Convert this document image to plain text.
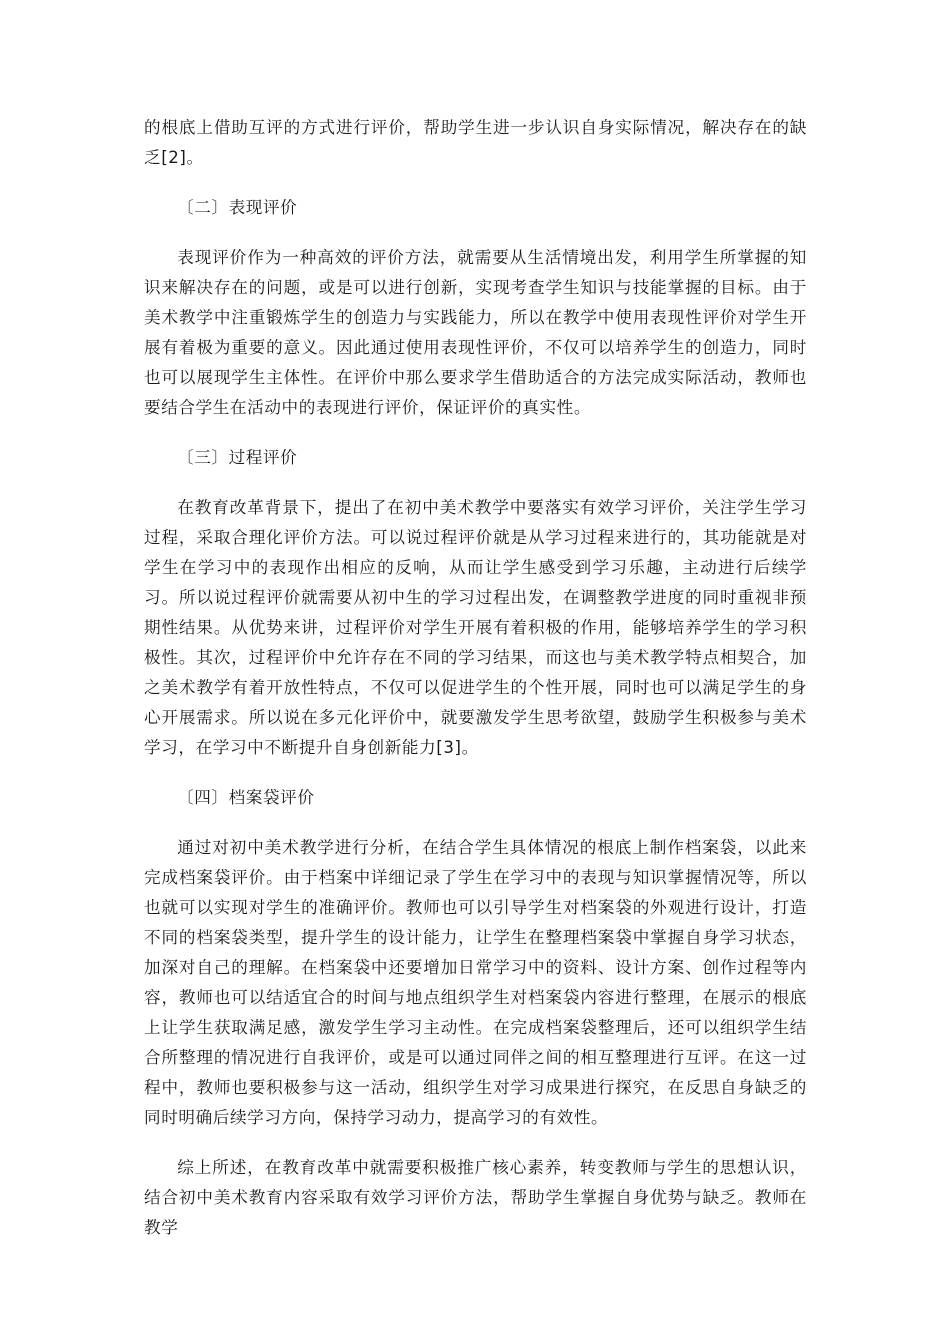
的根底上借助互评的方式进行评价，帮助学生进一步认识自身实际情况，解决存在的缺乏[2]。

〔二〕表现评价

表现评价作为一种高效的评价方法，就需要从生活情境出发，利用学生所掌握的知识来解决存在的问题，或是可以进行创新，实现考查学生知识与技能掌握的目标。由于美术教学中注重锻炼学生的创造力与实践能力，所以在教学中使用表现性评价对学生开展有着极为重要的意义。因此通过使用表现性评价，不仅可以培养学生的创造力，同时也可以展现学生主体性。在评价中那么要求学生借助适合的方法完成实际活动，教师也要结合学生在活动中的表现进行评价，保证评价的真实性。

〔三〕过程评价

在教育改革背景下，提出了在初中美术教学中要落实有效学习评价，关注学生学习过程，采取合理化评价方法。可以说过程评价就是从学习过程来进行的，其功能就是对学生在学习中的表现作出相应的反响，从而让学生感受到学习乐趣，主动进行后续学习。所以说过程评价就需要从初中生的学习过程出发，在调整教学进度的同时重视非预期性结果。从优势来讲，过程评价对学生开展有着积极的作用，能够培养学生的学习积极性。其次，过程评价中允许存在不同的学习结果，而这也与美术教学特点相契合，加之美术教学有着开放性特点，不仅可以促进学生的个性开展，同时也可以满足学生的身心开展需求。所以说在多元化评价中，就要激发学生思考欲望，鼓励学生积极参与美术学习，在学习中不断提升自身创新能力[3]。

〔四〕档案袋评价

通过对初中美术教学进行分析，在结合学生具体情况的根底上制作档案袋，以此来完成档案袋评价。由于档案中详细记录了学生在学习中的表现与知识掌握情况等，所以也就可以实现对学生的准确评价。教师也可以引导学生对档案袋的外观进行设计，打造不同的档案袋类型，提升学生的设计能力，让学生在整理档案袋中掌握自身学习状态，加深对自己的理解。在档案袋中还要增加日常学习中的资料、设计方案、创作过程等内容，教师也可以结适宜合的时间与地点组织学生对档案袋内容进行整理，在展示的根底上让学生获取满足感，激发学生学习主动性。在完成档案袋整理后，还可以组织学生结合所整理的情况进行自我评价，或是可以通过同伴之间的相互整理进行互评。在这一过程中，教师也要积极参与这一活动，组织学生对学习成果进行探究，在反思自身缺乏的同时明确后续学习方向，保持学习动力，提高学习的有效性。

综上所述，在教育改革中就需要积极推广核心素养，转变教师与学生的思想认识，结合初中美术教育内容采取有效学习评价方法，帮助学生掌握自身优势与缺乏。教师在教学
